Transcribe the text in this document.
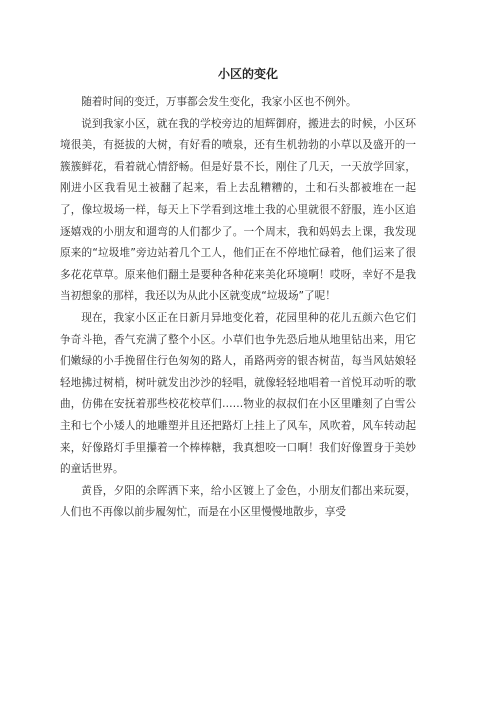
小区的变化

随着时间的变迁，万事都会发生变化，我家小区也不例外。

说到我家小区，就在我的学校旁边的旭辉御府，搬进去的时候，小区环境很美，有挺拔的大树，有好看的喷泉，还有生机勃勃的小草以及盛开的一簇簇鲜花，看着就心情舒畅。但是好景不长，刚住了几天，一天放学回家，刚进小区我看见土被翻了起来，看上去乱糟糟的，土和石头都被堆在一起了，像垃圾场一样，每天上下学看到这堆土我的心里就很不舒服，连小区追逐嬉戏的小朋友和遛弯的人们都少了。一个周末，我和妈妈去上课，我发现原来的“垃圾堆”旁边站着几个工人，他们正在不停地忙碌着，他们运来了很多花花草草。原来他们翻土是要种各种花来美化环境啊！哎呀，幸好不是我当初想象的那样，我还以为从此小区就变成“垃圾场”了呢！

现在，我家小区正在日新月异地变化着，花园里种的花儿五颜六色它们争奇斗艳，香气充满了整个小区。小草们也争先恐后地从地里钻出来，用它们嫩绿的小手挽留住行色匆匆的路人，甬路两旁的银杏树苗，每当风姑娘轻轻地拂过树梢，树叶就发出沙沙的轻唱，就像轻轻地唱着一首悦耳动听的歌曲，仿佛在安抚着那些校花校草们……物业的叔叔们在小区里雕刻了白雪公主和七个小矮人的地雕塑并且还把路灯上挂上了风车，风吹着，风车转动起来，好像路灯手里攥着一个棒棒糖，我真想咬一口啊！我们好像置身于美妙的童话世界。

黄昏，夕阳的余晖洒下来，给小区镀上了金色，小朋友们都出来玩耍，人们也不再像以前步履匆忙，而是在小区里慢慢地散步，享受
